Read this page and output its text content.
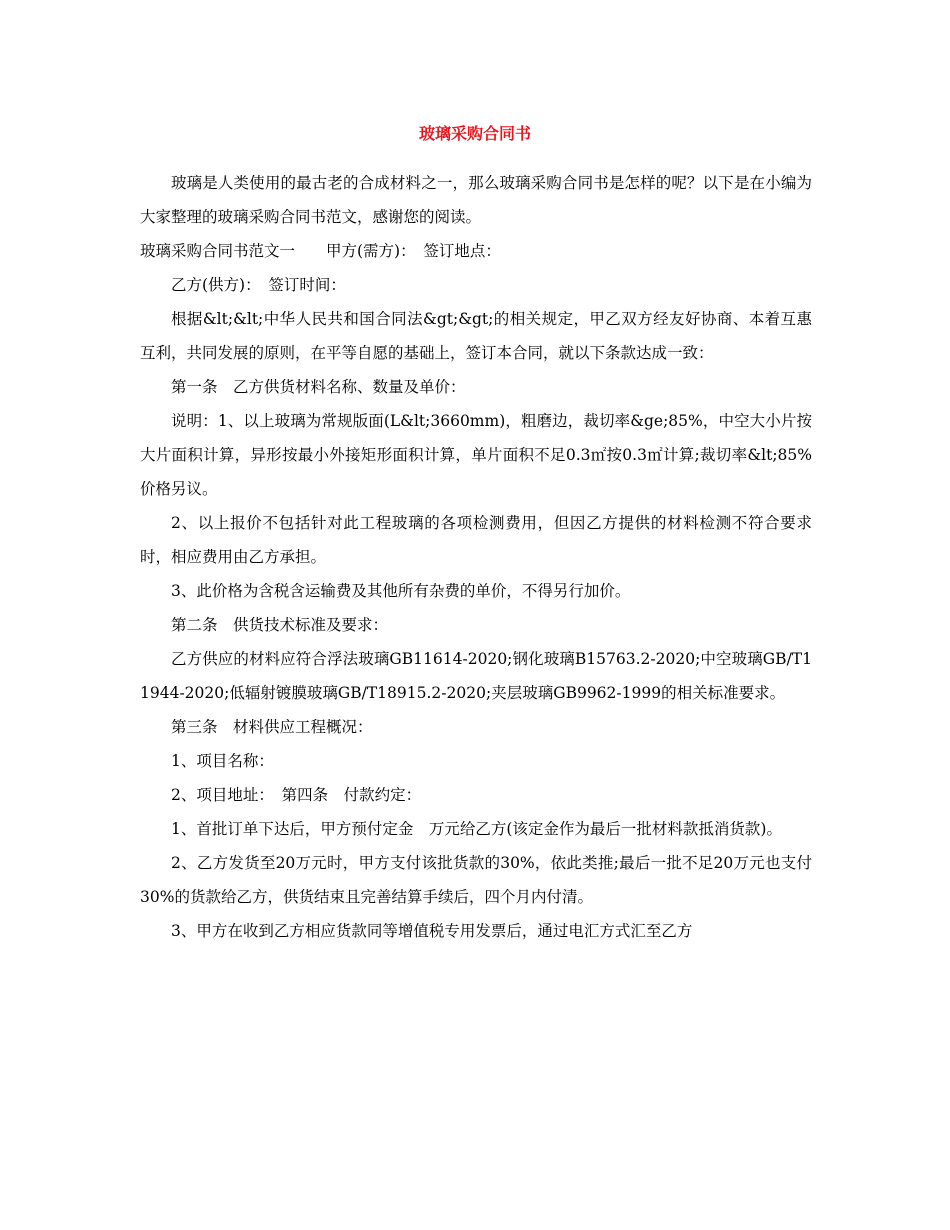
玻璃采购合同书

玻璃是人类使用的最古老的合成材料之一，那么玻璃采购合同书是怎样的呢？以下是在小编为大家整理的玻璃采购合同书范文，感谢您的阅读。

玻璃采购合同书范文一　　甲方(需方)：　签订地点：

乙方(供方)：　签订时间：

根据&lt;&lt;中华人民共和国合同法&gt;&gt;的相关规定，甲乙双方经友好协商、本着互惠互利，共同发展的原则，在平等自愿的基础上，签订本合同，就以下条款达成一致：

第一条　乙方供货材料名称、数量及单价：

说明：1、以上玻璃为常规版面(L&lt;3660mm)，粗磨边，裁切率&ge;85%，中空大小片按大片面积计算，异形按最小外接矩形面积计算，单片面积不足0.3㎡按0.3㎡计算;裁切率&lt;85%价格另议。

2、以上报价不包括针对此工程玻璃的各项检测费用，但因乙方提供的材料检测不符合要求时，相应费用由乙方承担。

3、此价格为含税含运输费及其他所有杂费的单价，不得另行加价。

第二条　供货技术标准及要求：

乙方供应的材料应符合浮法玻璃GB11614-2020;钢化玻璃B15763.2-2020;中空玻璃GB/T11944-2020;低辐射镀膜玻璃GB/T18915.2-2020;夹层玻璃GB9962-1999的相关标准要求。

第三条　材料供应工程概况：

1、项目名称：

2、项目地址：　第四条　付款约定：

1、首批订单下达后，甲方预付定金　万元给乙方(该定金作为最后一批材料款抵消货款)。

2、乙方发货至20万元时，甲方支付该批货款的30%，依此类推;最后一批不足20万元也支付30%的货款给乙方，供货结束且完善结算手续后，四个月内付清。

3、甲方在收到乙方相应货款同等增值税专用发票后，通过电汇方式汇至乙方
